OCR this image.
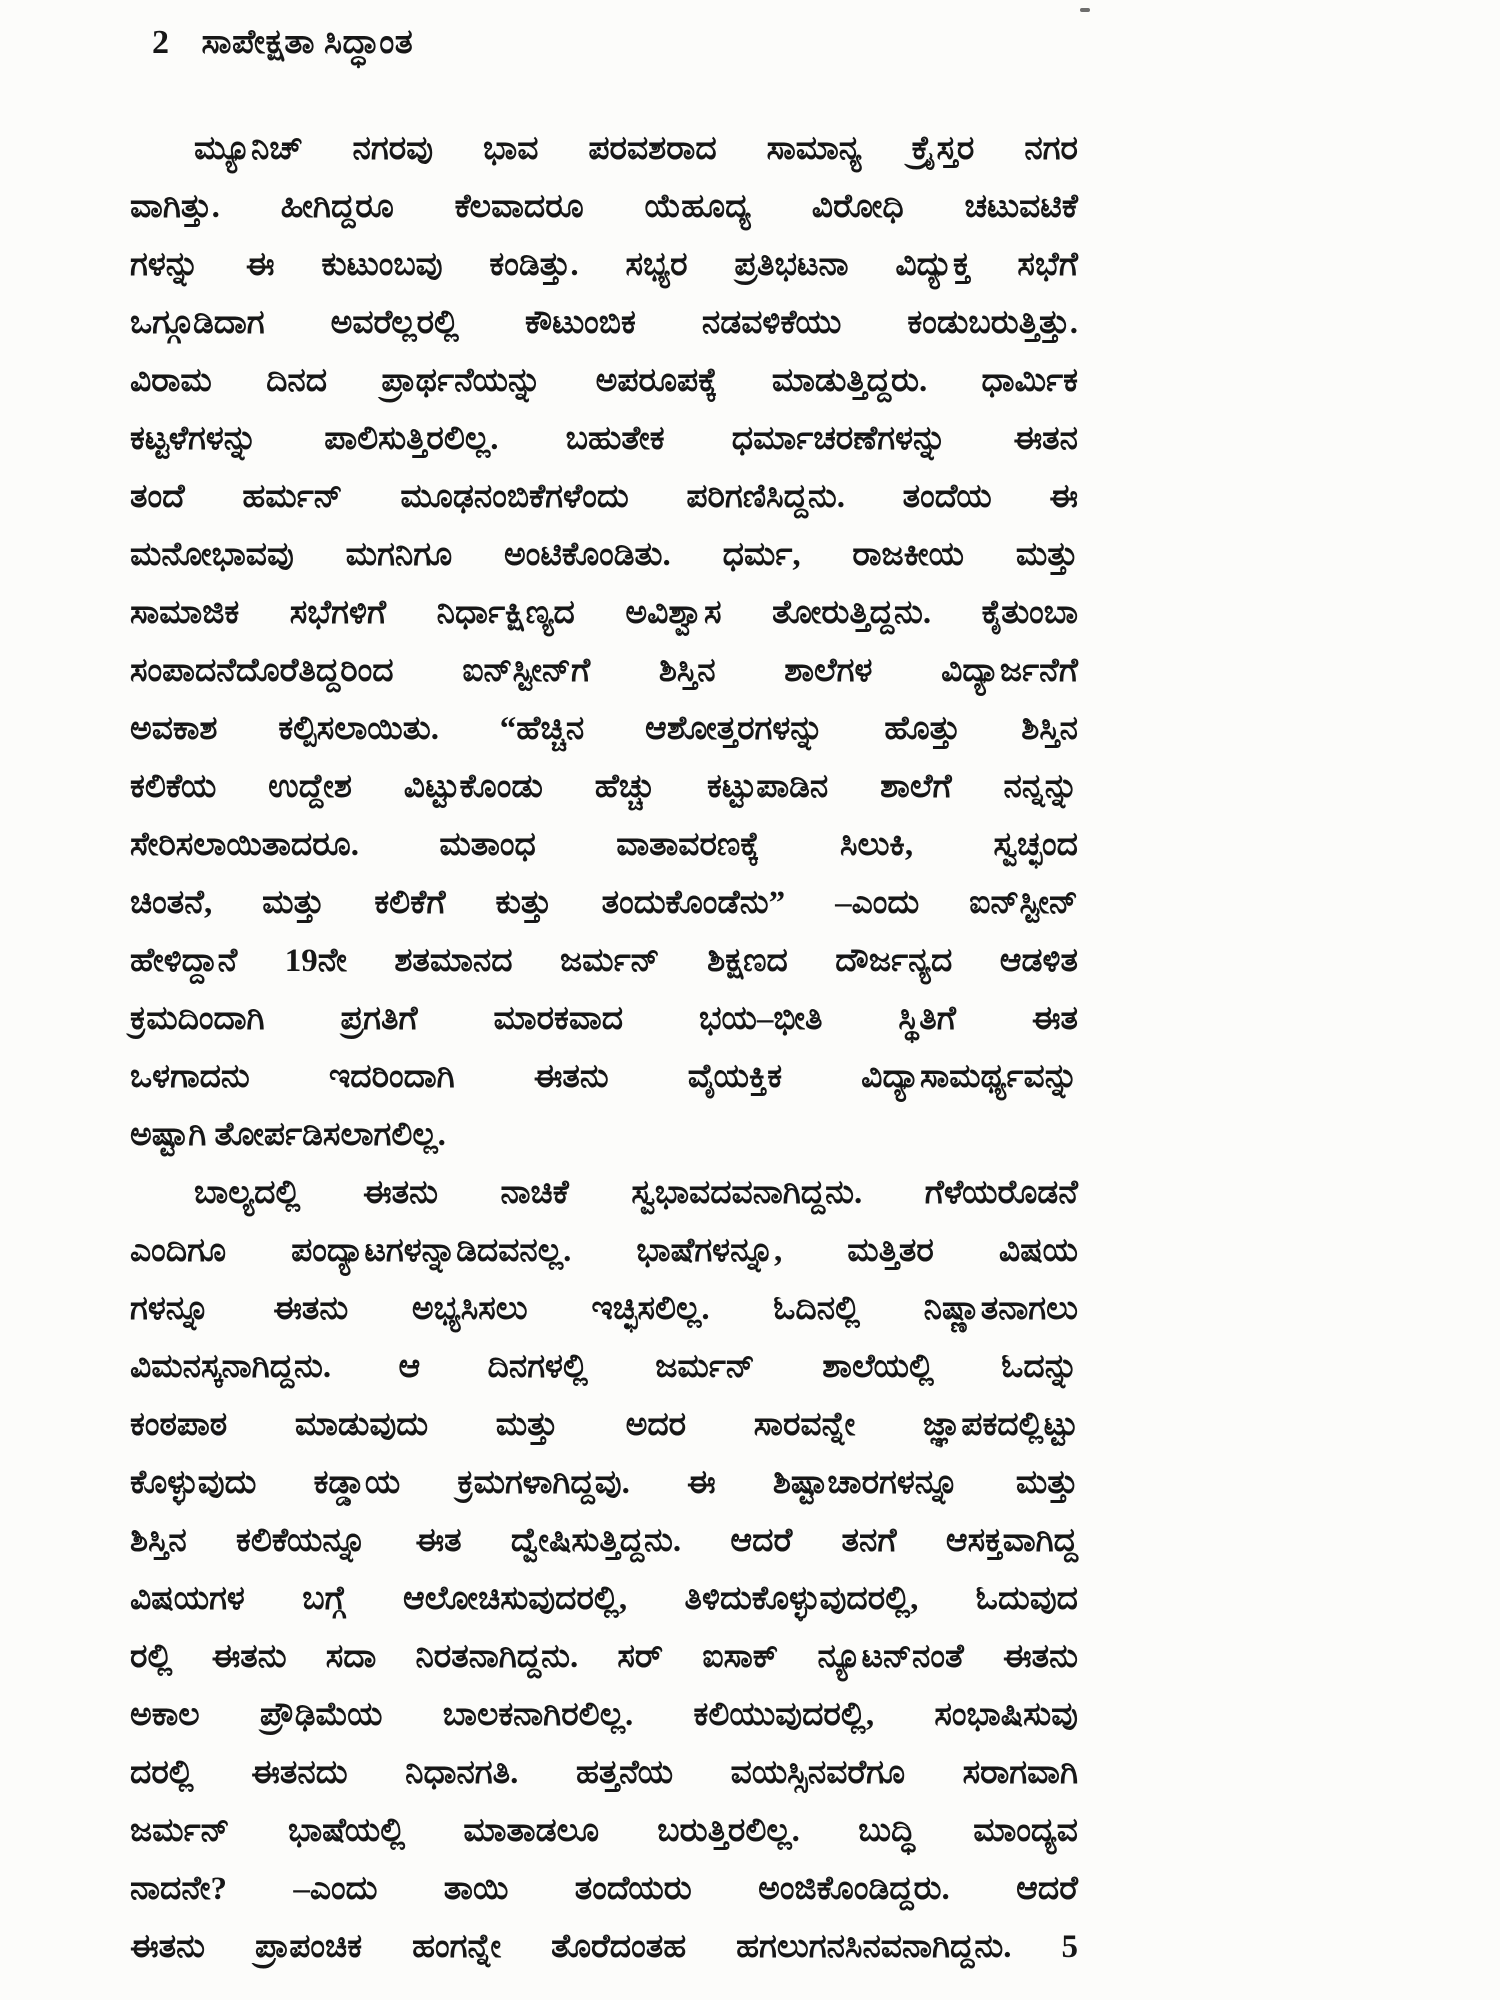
2 ಸಾಪೇಕ್ಷತಾ ಸಿದ್ಧಾಂತ
ಮ್ಯೂನಿಚ್ ನಗರವು ಭಾವ ಪರವಶರಾದ ಸಾಮಾನ್ಯ ಕ್ರೈಸ್ತರ ನಗರ
ವಾಗಿತ್ತು. ಹೀಗಿದ್ದರೂ ಕೆಲವಾದರೂ ಯೆಹೂದ್ಯ ವಿರೋಧಿ ಚಟುವಟಿಕೆ
ಗಳನ್ನು ಈ ಕುಟುಂಬವು ಕಂಡಿತ್ತು. ಸಭ್ಯರ ಪ್ರತಿಭಟನಾ ವಿದ್ಯುಕ್ತ ಸಭೆಗೆ
ಒಗ್ಗೂಡಿದಾಗ ಅವರೆಲ್ಲರಲ್ಲಿ ಕೌಟುಂಬಿಕ ನಡವಳಿಕೆಯು ಕಂಡುಬರುತ್ತಿತ್ತು.
ವಿರಾಮ ದಿನದ ಪ್ರಾರ್ಥನೆಯನ್ನು ಅಪರೂಪಕ್ಕೆ ಮಾಡುತ್ತಿದ್ದರು. ಧಾರ್ಮಿಕ
ಕಟ್ಟಳೆಗಳನ್ನು ಪಾಲಿಸುತ್ತಿರಲಿಲ್ಲ. ಬಹುತೇಕ ಧರ್ಮಾಚರಣೆಗಳನ್ನು ಈತನ
ತಂದೆ ಹರ್ಮನ್ ಮೂಢನಂಬಿಕೆಗಳೆಂದು ಪರಿಗಣಿಸಿದ್ದನು. ತಂದೆಯ ಈ
ಮನೋಭಾವವು ಮಗನಿಗೂ ಅಂಟಿಕೊಂಡಿತು. ಧರ್ಮ, ರಾಜಕೀಯ ಮತ್ತು
ಸಾಮಾಜಿಕ ಸಭೆಗಳಿಗೆ ನಿರ್ಧಾಕ್ಷಿಣ್ಯದ ಅವಿಶ್ವಾಸ ತೋರುತ್ತಿದ್ದನು. ಕೈತುಂಬಾ
ಸಂಪಾದನೆದೊರೆತಿದ್ದರಿಂದ ಐನ್‌ಸ್ಟೀನ್‌ಗೆ ಶಿಸ್ತಿನ ಶಾಲೆಗಳ ವಿದ್ಯಾರ್ಜನೆಗೆ
ಅವಕಾಶ ಕಲ್ಪಿಸಲಾಯಿತು. “ಹೆಚ್ಚಿನ ಆಶೋತ್ತರಗಳನ್ನು ಹೊತ್ತು ಶಿಸ್ತಿನ
ಕಲಿಕೆಯ ಉದ್ದೇಶ ವಿಟ್ಟುಕೊಂಡು ಹೆಚ್ಚು ಕಟ್ಟುಪಾಡಿನ ಶಾಲೆಗೆ ನನ್ನನ್ನು
ಸೇರಿಸಲಾಯಿತಾದರೂ. ಮತಾಂಧ ವಾತಾವರಣಕ್ಕೆ ಸಿಲುಕಿ, ಸ್ವಚ್ಛಂದ
ಚಿಂತನೆ, ಮತ್ತು ಕಲಿಕೆಗೆ ಕುತ್ತು ತಂದುಕೊಂಡೆನು” –ಎಂದು ಐನ್‌ಸ್ಟೀನ್
ಹೇಳಿದ್ದಾನೆ 19ನೇ ಶತಮಾನದ ಜರ್ಮನ್ ಶಿಕ್ಷಣದ ದೌರ್ಜನ್ಯದ ಆಡಳಿತ
ಕ್ರಮದಿಂದಾಗಿ ಪ್ರಗತಿಗೆ ಮಾರಕವಾದ ಭಯ–ಭೀತಿ ಸ್ಥಿತಿಗೆ ಈತ
ಒಳಗಾದನು ಇದರಿಂದಾಗಿ ಈತನು ವೈಯಕ್ತಿಕ ವಿದ್ಯಾಸಾಮರ್ಥ್ಯವನ್ನು
ಅಷ್ಟಾಗಿ ತೋರ್ಪಡಿಸಲಾಗಲಿಲ್ಲ.
ಬಾಲ್ಯದಲ್ಲಿ ಈತನು ನಾಚಿಕೆ ಸ್ವಭಾವದವನಾಗಿದ್ದನು. ಗೆಳೆಯರೊಡನೆ
ಎಂದಿಗೂ ಪಂದ್ಯಾಟಗಳನ್ನಾಡಿದವನಲ್ಲ. ಭಾಷೆಗಳನ್ನೂ, ಮತ್ತಿತರ ವಿಷಯ
ಗಳನ್ನೂ ಈತನು ಅಭ್ಯಸಿಸಲು ಇಚ್ಛಿಸಲಿಲ್ಲ. ಓದಿನಲ್ಲಿ ನಿಷ್ಣಾತನಾಗಲು
ವಿಮನಸ್ಕನಾಗಿದ್ದನು. ಆ ದಿನಗಳಲ್ಲಿ ಜರ್ಮನ್ ಶಾಲೆಯಲ್ಲಿ ಓದನ್ನು
ಕಂಠಪಾಠ ಮಾಡುವುದು ಮತ್ತು ಅದರ ಸಾರವನ್ನೇ ಜ್ಞಾಪಕದಲ್ಲಿಟ್ಟು
ಕೊಳ್ಳುವುದು ಕಡ್ಡಾಯ ಕ್ರಮಗಳಾಗಿದ್ದವು. ಈ ಶಿಷ್ಟಾಚಾರಗಳನ್ನೂ ಮತ್ತು
ಶಿಸ್ತಿನ ಕಲಿಕೆಯನ್ನೂ ಈತ ದ್ವೇಷಿಸುತ್ತಿದ್ದನು. ಆದರೆ ತನಗೆ ಆಸಕ್ತವಾಗಿದ್ದ
ವಿಷಯಗಳ ಬಗ್ಗೆ ಆಲೋಚಿಸುವುದರಲ್ಲಿ, ತಿಳಿದುಕೊಳ್ಳುವುದರಲ್ಲಿ, ಓದುವುದ
ರಲ್ಲಿ ಈತನು ಸದಾ ನಿರತನಾಗಿದ್ದನು. ಸರ್ ಐಸಾಕ್ ನ್ಯೂಟನ್‌ನಂತೆ ಈತನು
ಅಕಾಲ ಪ್ರೌಢಿಮೆಯ ಬಾಲಕನಾಗಿರಲಿಲ್ಲ. ಕಲಿಯುವುದರಲ್ಲಿ, ಸಂಭಾಷಿಸುವು
ದರಲ್ಲಿ ಈತನದು ನಿಧಾನಗತಿ. ಹತ್ತನೆಯ ವಯಸ್ಸಿನವರೆಗೂ ಸರಾಗವಾಗಿ
ಜರ್ಮನ್ ಭಾಷೆಯಲ್ಲಿ ಮಾತಾಡಲೂ ಬರುತ್ತಿರಲಿಲ್ಲ. ಬುದ್ಧಿ ಮಾಂದ್ಯವ
ನಾದನೇ? –ಎಂದು ತಾಯಿ ತಂದೆಯರು ಅಂಜಿಕೊಂಡಿದ್ದರು. ಆದರೆ
ಈತನು ಪ್ರಾಪಂಚಿಕ ಹಂಗನ್ನೇ ತೊರೆದಂತಹ ಹಗಲುಗನಸಿನವನಾಗಿದ್ದನು. 5
